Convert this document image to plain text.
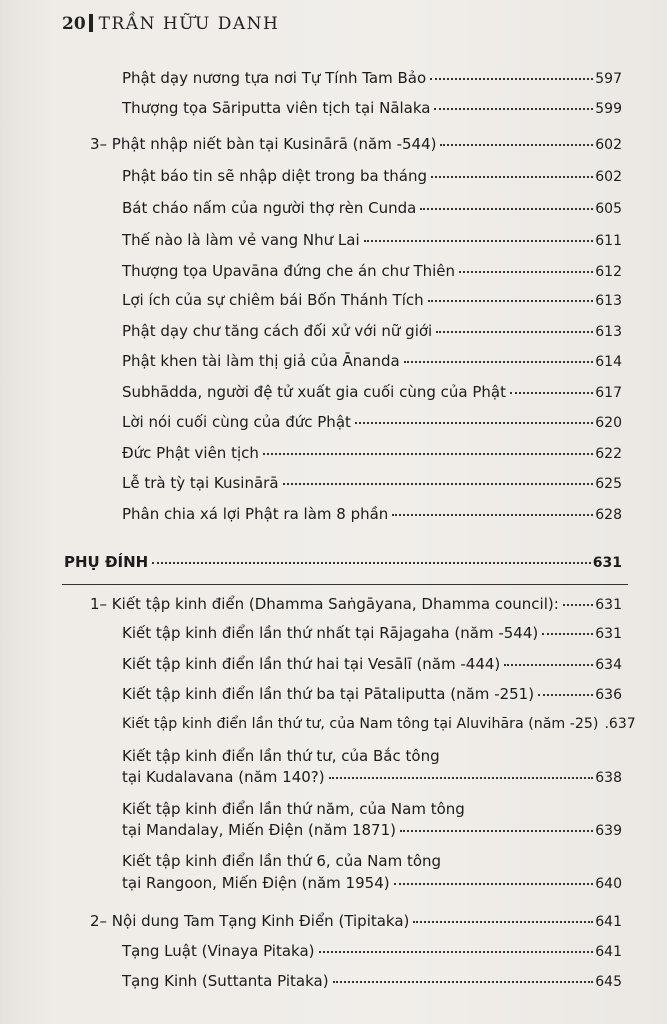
20 TRẦN HỮU DANH
Phật dạy nương tựa nơi Tự Tính Tam Bảo	597
Thượng tọa Sāriputta viên tịch tại Nālaka	599
3– Phật nhập niết bàn tại Kusinārā (năm -544)	602
Phật báo tin sẽ nhập diệt trong ba tháng	602
Bát cháo nấm của người thợ rèn Cunda	605
Thế nào là làm vẻ vang Như Lai	611
Thượng tọa Upavāna đứng che án chư Thiên	612
Lợi ích của sự chiêm bái Bốn Thánh Tích	613
Phật dạy chư tăng cách đối xử với nữ giới	613
Phật khen tài làm thị giả của Ānanda	614
Subhādda, người đệ tử xuất gia cuối cùng của Phật	617
Lời nói cuối cùng của đức Phật	620
Đức Phật viên tịch	622
Lễ trà tỳ tại Kusinārā	625
Phân chia xá lợi Phật ra làm 8 phần	628
PHỤ ĐÍNH	631
1– Kiết tập kinh điển (Dhamma Saṅgāyana, Dhamma council):	631
Kiết tập kinh điển lần thứ nhất tại Rājagaha (năm -544)	631
Kiết tập kinh điển lần thứ hai tại Vesālī (năm -444)	634
Kiết tập kinh điển lần thứ ba tại Pātaliputta (năm -251)	636
Kiết tập kinh điển lần thứ tư, của Nam tông tại Aluvihāra (năm -25) .637
Kiết tập kinh điển lần thứ tư, của Bắc tông
tại Kudalavana (năm 140?)	638
Kiết tập kinh điển lần thứ năm, của Nam tông
tại Mandalay, Miến Điện (năm 1871)	639
Kiết tập kinh điển lần thứ 6, của Nam tông
tại Rangoon, Miến Điện (năm 1954)	640
2– Nội dung Tam Tạng Kinh Điển (Tipitaka)	641
Tạng Luật (Vinaya Pitaka)	641
Tạng Kinh (Suttanta Pitaka)	645
